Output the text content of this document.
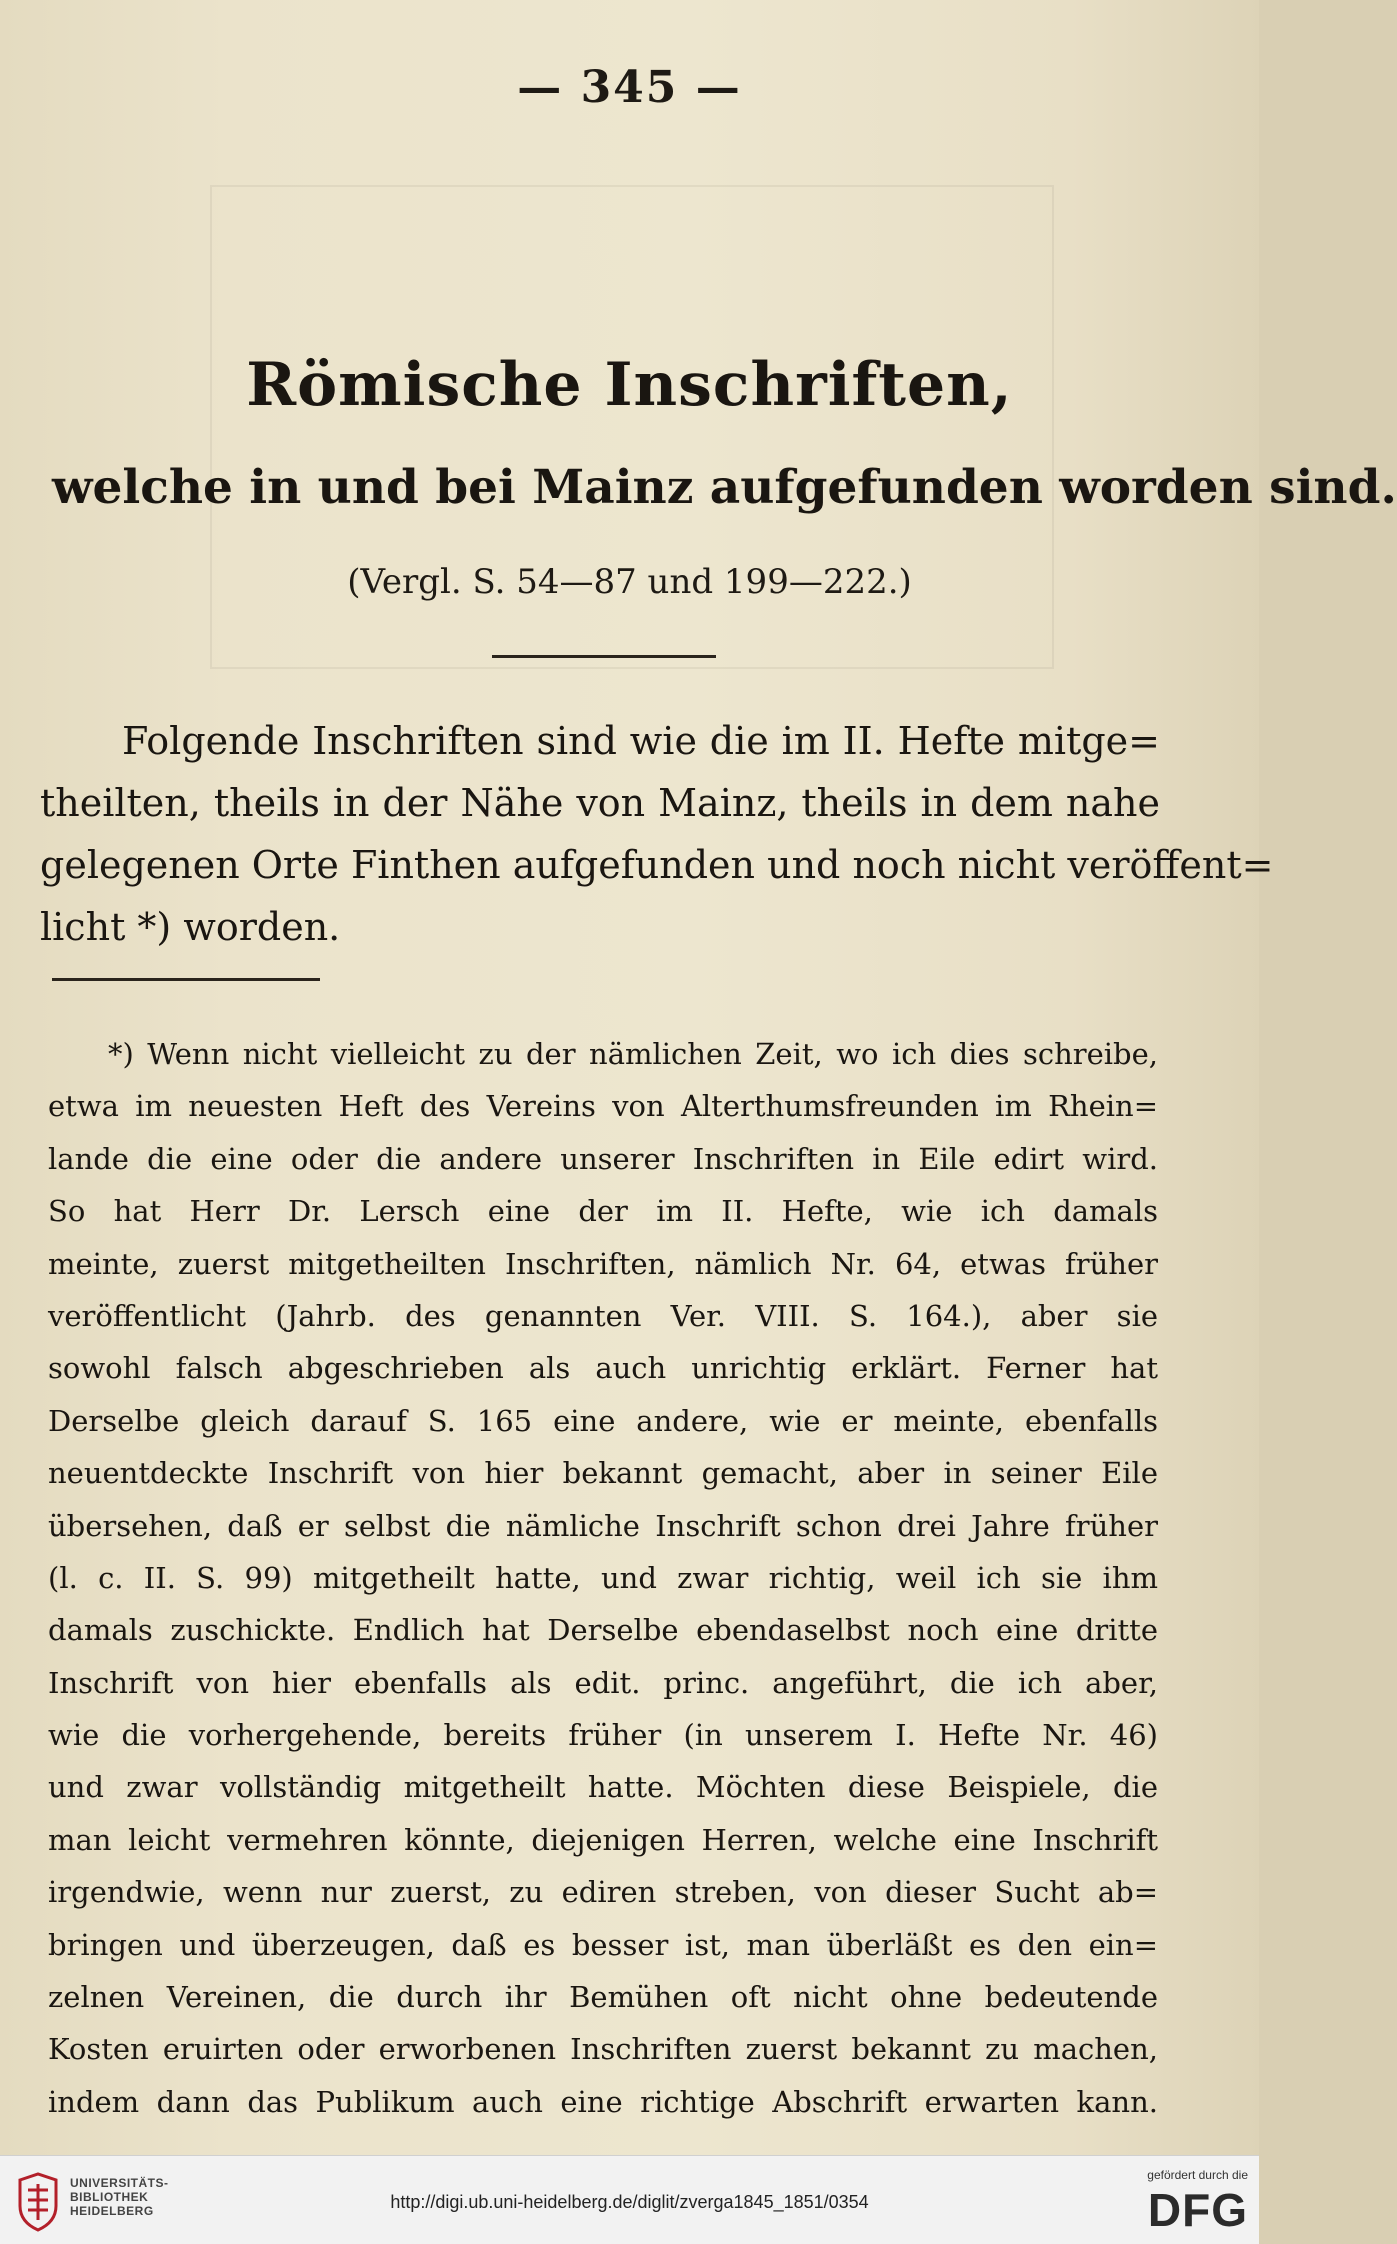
— 345 —
Römische Inschriften,
welche in und bei Mainz aufgefunden worden sind.
(Vergl. S. 54—87 und 199—222.)
Folgende Inschriften sind wie die im II. Hefte mitge=
theilten, theils in der Nähe von Mainz, theils in dem nahe
gelegenen Orte Finthen aufgefunden und noch nicht veröffent=
licht *) worden.
*) Wenn nicht vielleicht zu der nämlichen Zeit, wo ich dies schreibe,
etwa im neuesten Heft des Vereins von Alterthumsfreunden im Rhein=
lande die eine oder die andere unserer Inschriften in Eile edirt wird.
So hat Herr Dr. Lersch eine der im II. Hefte, wie ich damals
meinte, zuerst mitgetheilten Inschriften, nämlich Nr. 64, etwas früher
veröffentlicht (Jahrb. des genannten Ver. VIII. S. 164.), aber sie
sowohl falsch abgeschrieben als auch unrichtig erklärt. Ferner hat
Derselbe gleich darauf S. 165 eine andere, wie er meinte, ebenfalls
neuentdeckte Inschrift von hier bekannt gemacht, aber in seiner Eile
übersehen, daß er selbst die nämliche Inschrift schon drei Jahre früher
(l. c. II. S. 99) mitgetheilt hatte, und zwar richtig, weil ich sie ihm
damals zuschickte. Endlich hat Derselbe ebendaselbst noch eine dritte
Inschrift von hier ebenfalls als edit. princ. angeführt, die ich aber,
wie die vorhergehende, bereits früher (in unserem I. Hefte Nr. 46)
und zwar vollständig mitgetheilt hatte. Möchten diese Beispiele, die
man leicht vermehren könnte, diejenigen Herren, welche eine Inschrift
irgendwie, wenn nur zuerst, zu ediren streben, von dieser Sucht ab=
bringen und überzeugen, daß es besser ist, man überläßt es den ein=
zelnen Vereinen, die durch ihr Bemühen oft nicht ohne bedeutende
Kosten eruirten oder erworbenen Inschriften zuerst bekannt zu machen,
indem dann das Publikum auch eine richtige Abschrift erwarten kann.
UNIVERSITÄTS-
BIBLIOTHEK
HEIDELBERG	http://digi.ub.uni-heidelberg.de/diglit/zverga1845_1851/0354
gefördert durch die
DFG
